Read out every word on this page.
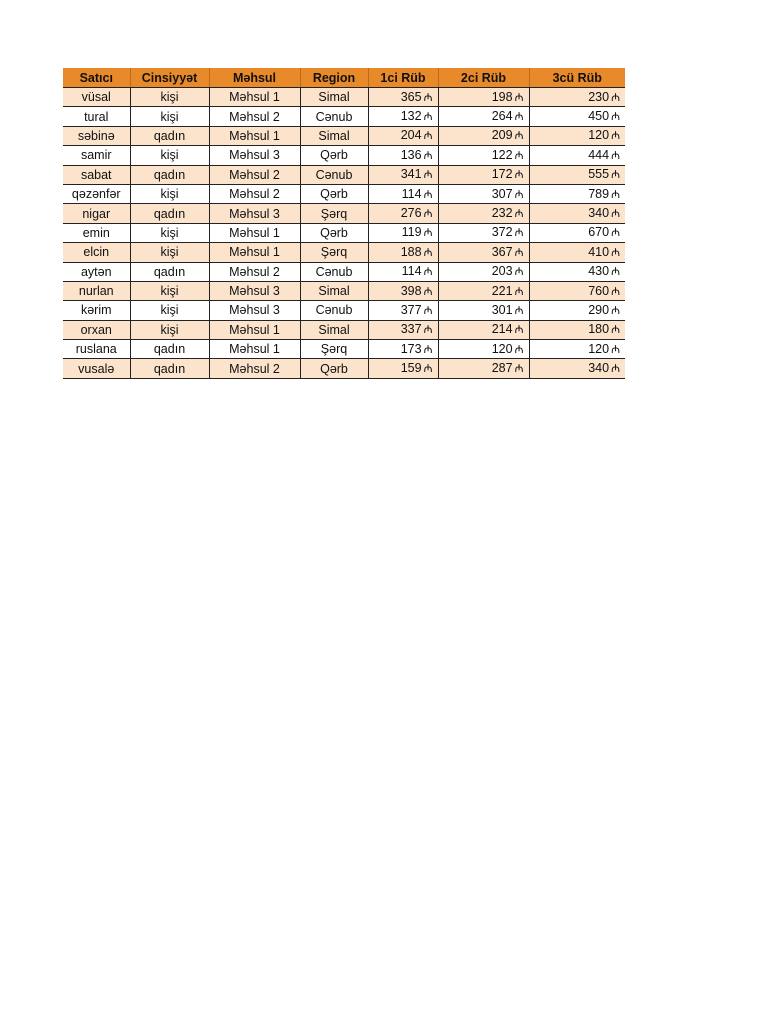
Satıcı	Cinsiyyət	Məhsul	Region	1ci Rüb	2ci Rüb	3cü Rüb
vüsal	kişi	Məhsul 1	Simal	365 ₼	198 ₼	230 ₼
tural	kişi	Məhsul 2	Cənub	132 ₼	264 ₼	450 ₼
səbinə	qadın	Məhsul 1	Simal	204 ₼	209 ₼	120 ₼
samir	kişi	Məhsul 3	Qərb	136 ₼	122 ₼	444 ₼
sabat	qadın	Məhsul 2	Cənub	341 ₼	172 ₼	555 ₼
qəzənfər	kişi	Məhsul 2	Qərb	114 ₼	307 ₼	789 ₼
nigar	qadın	Məhsul 3	Şərq	276 ₼	232 ₼	340 ₼
emin	kişi	Məhsul 1	Qərb	119 ₼	372 ₼	670 ₼
elcin	kişi	Məhsul 1	Şərq	188 ₼	367 ₼	410 ₼
aytən	qadın	Məhsul 2	Cənub	114 ₼	203 ₼	430 ₼
nurlan	kişi	Məhsul 3	Simal	398 ₼	221 ₼	760 ₼
kərim	kişi	Məhsul 3	Cənub	377 ₼	301 ₼	290 ₼
orxan	kişi	Məhsul 1	Simal	337 ₼	214 ₼	180 ₼
ruslana	qadın	Məhsul 1	Şərq	173 ₼	120 ₼	120 ₼
vusalə	qadın	Məhsul 2	Qərb	159 ₼	287 ₼	340 ₼
